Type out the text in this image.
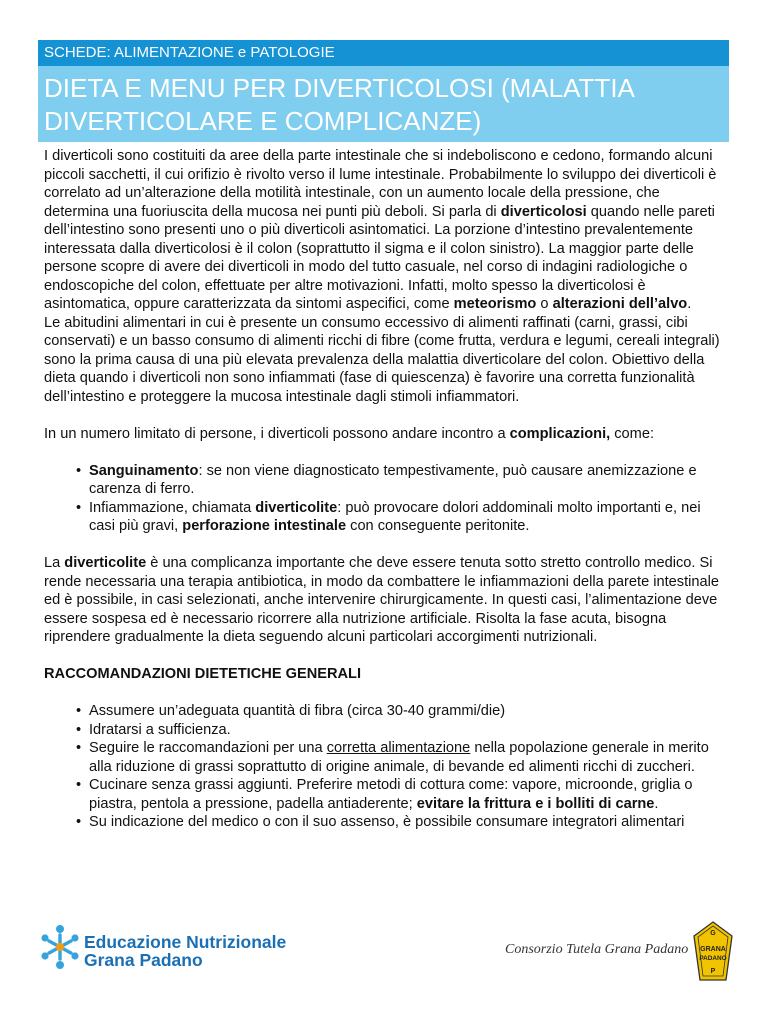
SCHEDE: ALIMENTAZIONE e PATOLOGIE
DIETA E MENU PER DIVERTICOLOSI (MALATTIA
DIVERTICOLARE E COMPLICANZE)

I diverticoli sono costituiti da aree della parte intestinale che si indeboliscono e cedono, formando alcuni piccoli sacchetti, il cui orifizio è rivolto verso il lume intestinale. Probabilmente lo sviluppo dei diverticoli è correlato ad un’alterazione della motilità intestinale, con un aumento locale della pressione, che determina una fuoriuscita della mucosa nei punti più deboli. Si parla di diverticolosi quando nelle pareti dell’intestino sono presenti uno o più diverticoli asintomatici. La porzione d’intestino prevalentemente interessata dalla diverticolosi è il colon (soprattutto il sigma e il colon sinistro). La maggior parte delle persone scopre di avere dei diverticoli in modo del tutto casuale, nel corso di indagini radiologiche o endoscopiche del colon, effettuate per altre motivazioni. Infatti, molto spesso la diverticolosi è asintomatica, oppure caratterizzata da sintomi aspecifici, come meteorismo o alterazioni dell’alvo.

Le abitudini alimentari in cui è presente un consumo eccessivo di alimenti raffinati (carni, grassi, cibi conservati) e un basso consumo di alimenti ricchi di fibre (come frutta, verdura e legumi, cereali integrali) sono la prima causa di una più elevata prevalenza della malattia diverticolare del colon. Obiettivo della dieta quando i diverticoli non sono infiammati (fase di quiescenza) è favorire una corretta funzionalità dell’intestino e proteggere la mucosa intestinale dagli stimoli infiammatori.

In un numero limitato di persone, i diverticoli possono andare incontro a complicazioni, come:

• Sanguinamento: se non viene diagnosticato tempestivamente, può causare anemizzazione e carenza di ferro.
• Infiammazione, chiamata diverticolite: può provocare dolori addominali molto importanti e, nei casi più gravi, perforazione intestinale con conseguente peritonite.

La diverticolite è una complicanza importante che deve essere tenuta sotto stretto controllo medico. Si rende necessaria una terapia antibiotica, in modo da combattere le infiammazioni della parete intestinale ed è possibile, in casi selezionati, anche intervenire chirurgicamente. In questi casi, l’alimentazione deve essere sospesa ed è necessario ricorrere alla nutrizione artificiale. Risolta la fase acuta, bisogna riprendere gradualmente la dieta seguendo alcuni particolari accorgimenti nutrizionali.

RACCOMANDAZIONI DIETETICHE GENERALI

• Assumere un’adeguata quantità di fibra (circa 30-40 grammi/die)
• Idratarsi a sufficienza.
• Seguire le raccomandazioni per una corretta alimentazione nella popolazione generale in merito alla riduzione di grassi soprattutto di origine animale, di bevande ed alimenti ricchi di zuccheri.
• Cucinare senza grassi aggiunti. Preferire metodi di cottura come: vapore, microonde, griglia o piastra, pentola a pressione, padella antiaderente; evitare la frittura e i bolliti di carne.
• Su indicazione del medico o con il suo assenso, è possibile consumare integratori alimentari
Educazione Nutrizionale
Grana Padano
Consorzio Tutela Grana Padano
G
GRANA
PADANO
P
